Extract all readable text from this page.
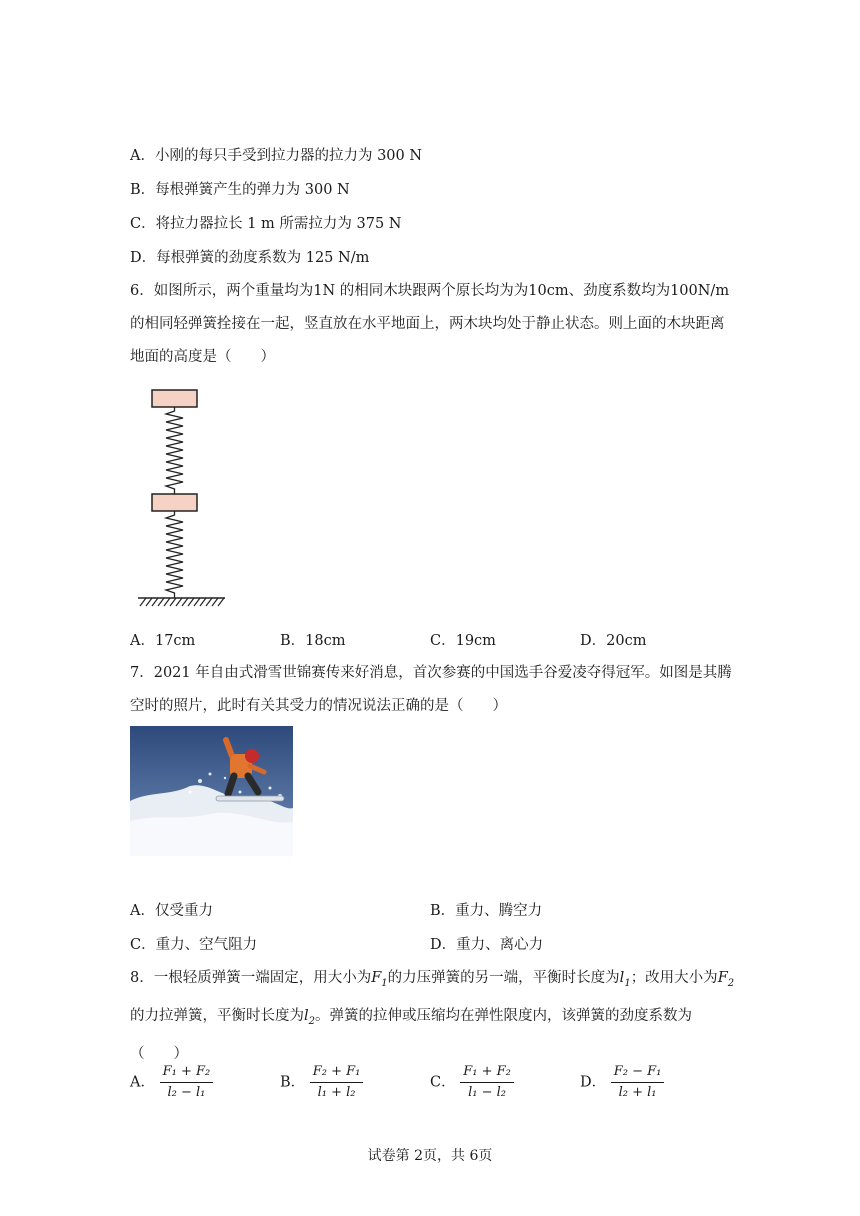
A．小刚的每只手受到拉力器的拉力为 300 N
B．每根弹簧产生的弹力为 300 N
C．将拉力器拉长 1 m 所需拉力为 375 N
D．每根弹簧的劲度系数为 125 N/m
6．如图所示，两个重量均为1N 的相同木块跟两个原长均为为10cm、劲度系数均为100N/m 的相同轻弹簧拴接在一起，竖直放在水平地面上，两木块均处于静止状态。则上面的木块距离地面的高度是（　　）
A．17cm	B．18cm	C．19cm	D．20cm
7．2021 年自由式滑雪世锦赛传来好消息，首次参赛的中国选手谷爱凌夺得冠军。如图是其腾空时的照片，此时有关其受力的情况说法正确的是（　　）
A．仅受重力	B．重力、腾空力
C．重力、空气阻力	D．重力、离心力
8．一根轻质弹簧一端固定，用大小为$F_1$的力压弹簧的另一端，平衡时长度为$l_1$；改用大小为$F_2$的力拉弹簧，平衡时长度为$l_2$。弹簧的拉伸或压缩均在弹性限度内，该弹簧的劲度系数为（　　）
A． $\frac{\text{F₁ + F₂}}{\text{l₂ − l₁}}$	B． $\frac{\text{F₂ + F₁}}{\text{l₁ + l₂}}$	C． $\frac{\text{F₁ + F₂}}{\text{l₁ − l₂}}$	D． $\frac{\text{F₂ − F₁}}{\text{l₂ + l₁}}$
试卷第 2页，共 6页
